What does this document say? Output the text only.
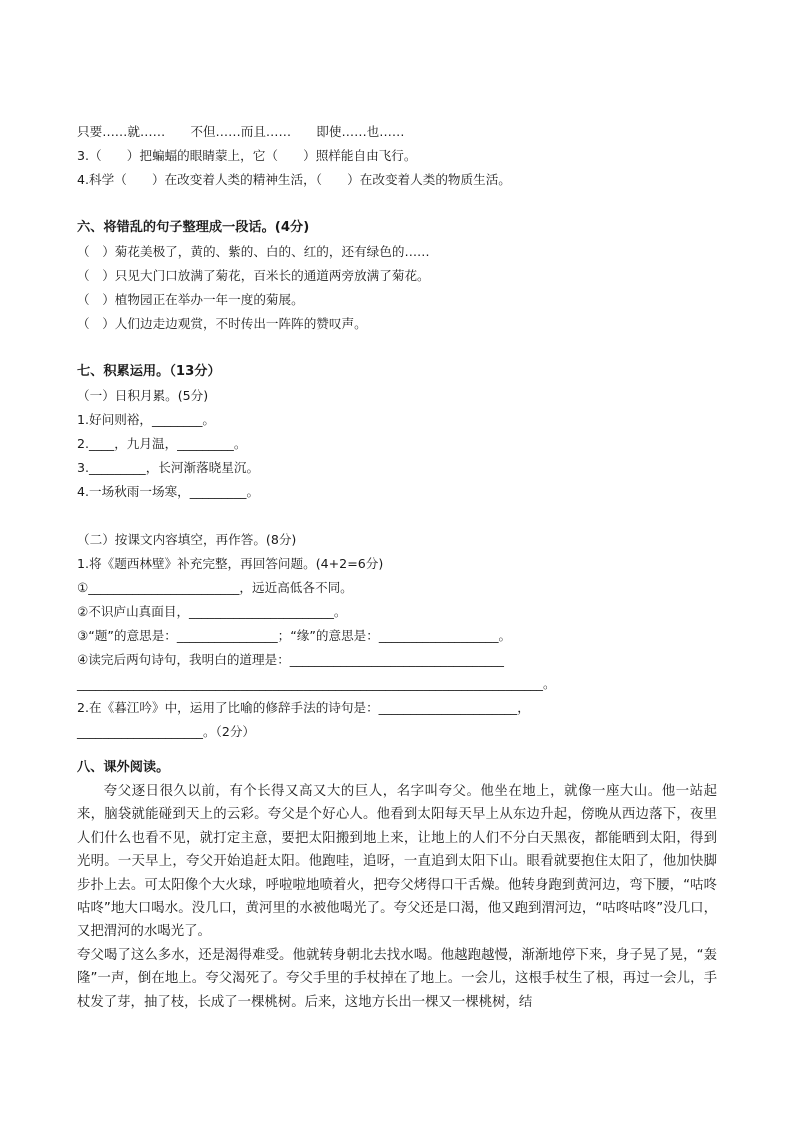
只要……就……　　不但……而且……　　即使……也……
3.（　　）把蝙蝠的眼睛蒙上，它（　　）照样能自由飞行。
4.科学（　　）在改变着人类的精神生活，（　　）在改变着人类的物质生活。
六、将错乱的句子整理成一段话。(4分)
（　）菊花美极了，黄的、紫的、白的、红的，还有绿色的……
（　）只见大门口放满了菊花，百米长的通道两旁放满了菊花。
（　）植物园正在举办一年一度的菊展。
（　）人们边走边观赏，不时传出一阵阵的赞叹声。
七、积累运用。（13分）
（一）日积月累。(5分)
1.好问则裕，________。
2.____，九月温，_________。
3._________，长河渐落晓星沉。
4.一场秋雨一场寒，_________。
（二）按课文内容填空，再作答。(8分)
1.将《题西林壁》补充完整，再回答问题。(4+2=6分)
①________________________，远近高低各不同。
②不识庐山真面目，_______________________。
③“题”的意思是：________________；“缘”的意思是：___________________。
④读完后两句诗句，我明白的道理是：__________________________________
__________________________________________________________________________。
2.在《暮江吟》中，运用了比喻的修辞手法的诗句是：______________________，
____________________。（2分）
八、课外阅读。
夸父逐日很久以前，有个长得又高又大的巨人，名字叫夸父。他坐在地上，就像一座大山。他一站起来，脑袋就能碰到天上的云彩。夸父是个好心人。他看到太阳每天早上从东边升起，傍晚从西边落下，夜里人们什么也看不见，就打定主意，要把太阳搬到地上来，让地上的人们不分白天黑夜，都能晒到太阳，得到光明。一天早上，夸父开始追赶太阳。他跑哇，追呀，一直追到太阳下山。眼看就要抱住太阳了，他加快脚步扑上去。可太阳像个大火球，呼啦啦地喷着火，把夸父烤得口干舌燥。他转身跑到黄河边，弯下腰，“咕咚咕咚”地大口喝水。没几口，黄河里的水被他喝光了。夸父还是口渴，他又跑到渭河边，“咕咚咕咚”没几口，又把渭河的水喝光了。
夸父喝了这么多水，还是渴得难受。他就转身朝北去找水喝。他越跑越慢，渐渐地停下来，身子晃了晃，“轰隆”一声，倒在地上。夸父渴死了。夸父手里的手杖掉在了地上。一会儿，这根手杖生了根，再过一会儿，手杖发了芽，抽了枝，长成了一棵桃树。后来，这地方长出一棵又一棵桃树，结
